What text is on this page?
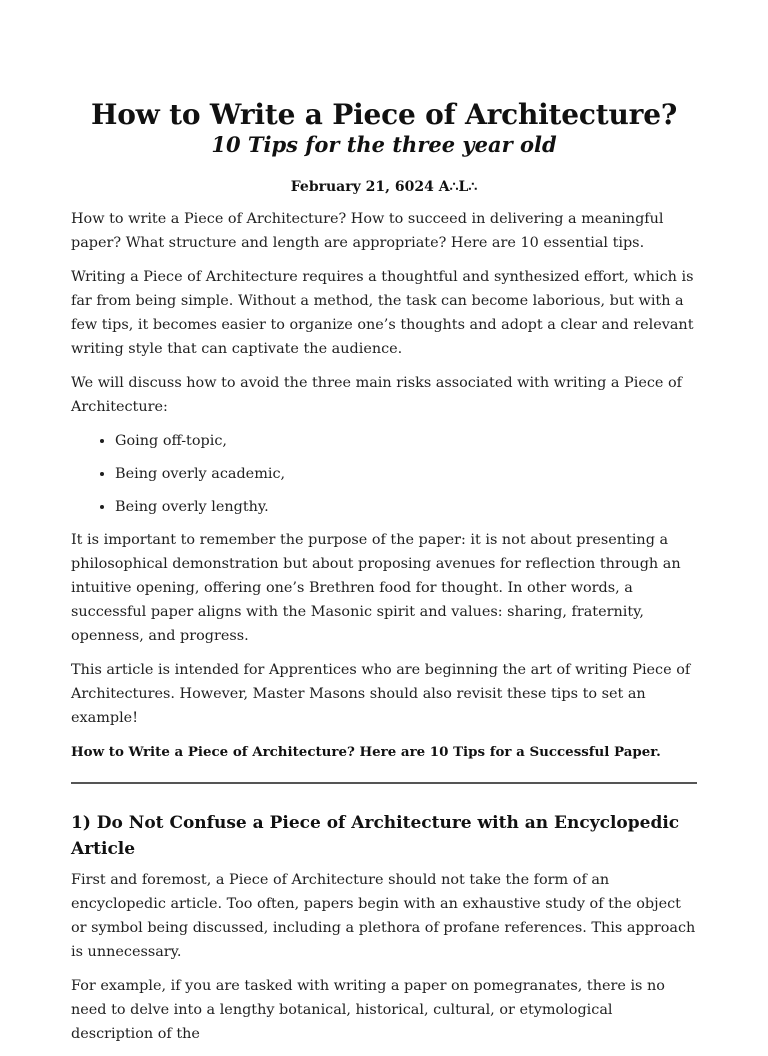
How to Write a Piece of Architecture?
10 Tips for the three year old
February 21, 6024 A∴L∴

How to write a Piece of Architecture? How to succeed in delivering a meaningful paper? What structure and length are appropriate? Here are 10 essential tips.

Writing a Piece of Architecture requires a thoughtful and synthesized effort, which is far from being simple. Without a method, the task can become laborious, but with a few tips, it becomes easier to organize one’s thoughts and adopt a clear and relevant writing style that can captivate the audience.

We will discuss how to avoid the three main risks associated with writing a Piece of Architecture:

• Going off-topic,
• Being overly academic,
• Being overly lengthy.

It is important to remember the purpose of the paper: it is not about presenting a philosophical demonstration but about proposing avenues for reflection through an intuitive opening, offering one’s Brethren food for thought. In other words, a successful paper aligns with the Masonic spirit and values: sharing, fraternity, openness, and progress.

This article is intended for Apprentices who are beginning the art of writing Piece of Architectures. However, Master Masons should also revisit these tips to set an example!

How to Write a Piece of Architecture? Here are 10 Tips for a Successful Paper.

1) Do Not Confuse a Piece of Architecture with an Encyclopedic Article

First and foremost, a Piece of Architecture should not take the form of an encyclopedic article. Too often, papers begin with an exhaustive study of the object or symbol being discussed, including a plethora of profane references. This approach is unnecessary.

For example, if you are tasked with writing a paper on pomegranates, there is no need to delve into a lengthy botanical, historical, cultural, or etymological description of the
